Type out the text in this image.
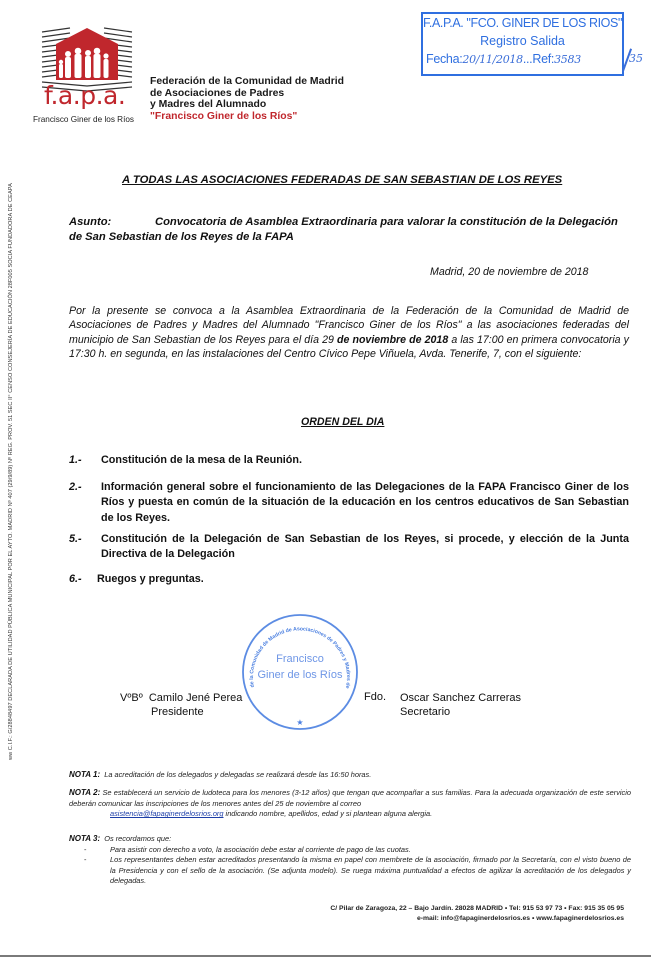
ww C.I.F.: G/28848497 DECLARADA DE UTILIDAD PÚBLICA MUNICIPAL POR EL AYTO. MADRID Nº 407 (29/9/89) Nº REG. PROV. 51 SEC II° CENSO CONSEJERÍA DE EDUCACIÓN 28F005 SOCIA FUNDADORA DE CEAPA
f.a.p.a.
Francisco Giner de los Ríos
Federación de la Comunidad de Madrid
de Asociaciones de Padres
y Madres del Alumnado
"Francisco Giner de los Ríos"
F.A.P.A. "FCO. GINER DE LOS RIOS"
Registro Salida
Fecha:20/11/2018...Ref:3583	35
A TODAS LAS ASOCIACIONES FEDERADAS DE SAN SEBASTIAN DE LOS REYES
Asunto:	Convocatoria de Asamblea Extraordinaria para valorar la constitución de la Delegación de San Sebastian de los Reyes de la FAPA
Madrid, 20 de noviembre de 2018
Por la presente se convoca a la Asamblea Extraordinaria de la Federación de la Comunidad de Madrid de Asociaciones de Padres y Madres del Alumnado "Francisco Giner de los Ríos" a las asociaciones federadas del municipio de San Sebastian de los Reyes para el día 29 de noviembre de 2018 a las 17:00 en primera convocatoria y 17:30 h. en segunda, en las instalaciones del Centro Cívico Pepe Viñuela, Avda. Tenerife, 7, con el siguiente:
ORDEN DEL DIA
1.- Constitución de la mesa de la Reunión.
2.- Información general sobre el funcionamiento de las Delegaciones de la FAPA Francisco Giner de los Ríos y puesta en común de la situación de la educación en los centros educativos de San Sebastian de los Reyes.
5.- Constitución de la Delegación de San Sebastian de los Reyes, si procede, y elección de la Junta Directiva de la Delegación
6.- Ruegos y preguntas.
de la Comunidad de Madrid de Asociaciones de Padres y Madres de
★
Francisco
Giner de los Ríos
VºBº Camilo Jené Perea
Presidente
Fdo. Oscar Sanchez Carreras
Secretario
NOTA 1: La acreditación de los delegados y delegadas se realizará desde las 16:50 horas.
NOTA 2: Se establecerá un servicio de ludoteca para los menores (3-12 años) que tengan que acompañar a sus familias. Para la adecuada organización de este servicio deberán comunicar las inscripciones de los menores antes del 25 de noviembre al correo
asistencia@fapaginerdelosrios.org indicando nombre, apellidos, edad y si plantean alguna alergia.
NOTA 3: Os recordamos que:
-	Para asistir con derecho a voto, la asociación debe estar al corriente de pago de las cuotas.
-	Los representantes deben estar acreditados presentando la misma en papel con membrete de la asociación, firmado por la Secretaría, con el visto bueno de la Presidencia y con el sello de la asociación. (Se adjunta modelo). Se ruega máxima puntualidad a efectos de agilizar la acreditación de los delegados y delegadas.
C/ Pilar de Zaragoza, 22 – Bajo Jardín. 28028 MADRID • Tel: 915 53 97 73 • Fax: 915 35 05 95
e-mail: info@fapaginerdelosrios.es • www.fapaginerdelosrios.es
